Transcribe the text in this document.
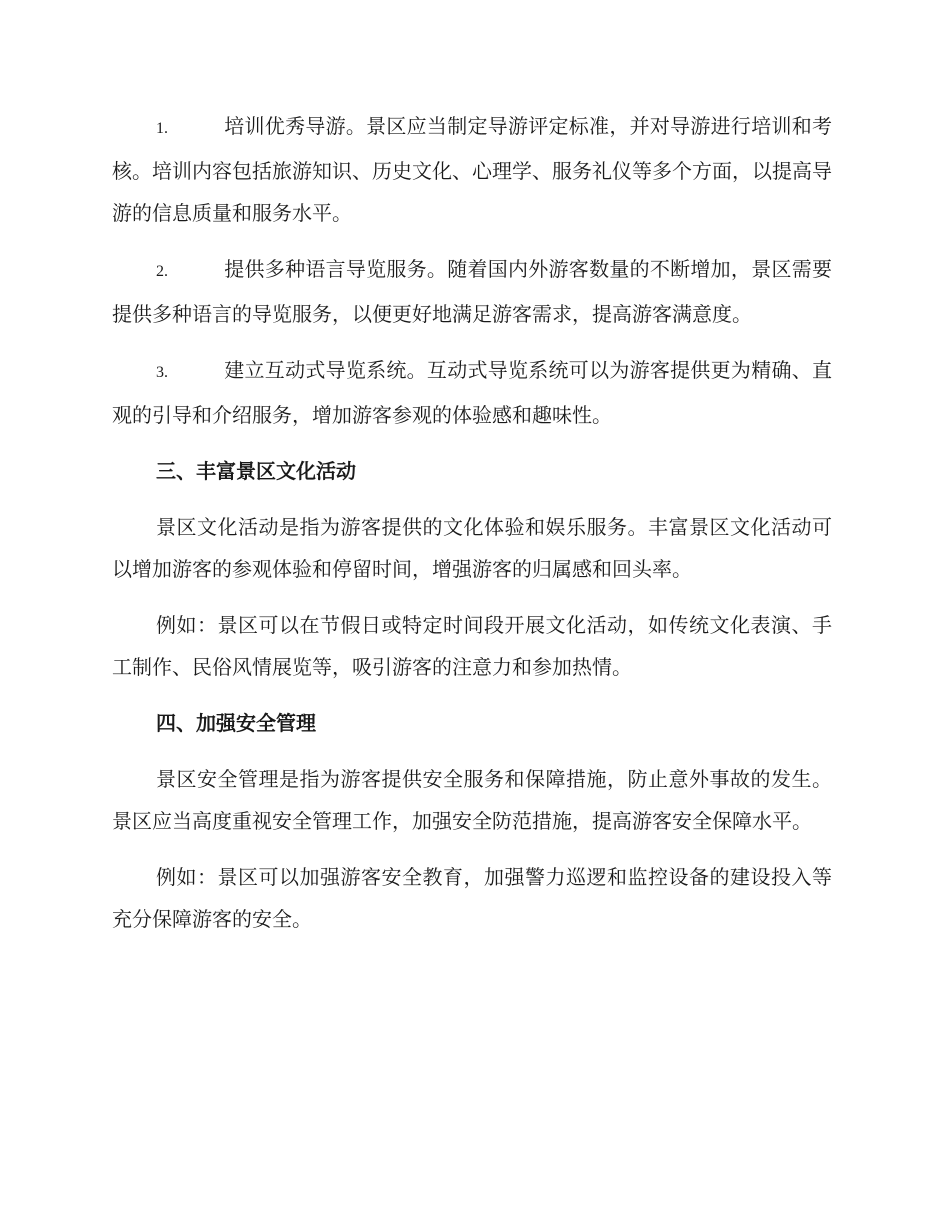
1.	培训优秀导游。景区应当制定导游评定标准，并对导游进行培训和考核。培训内容包括旅游知识、历史文化、心理学、服务礼仪等多个方面，以提高导游的信息质量和服务水平。

2.	提供多种语言导览服务。随着国内外游客数量的不断增加，景区需要提供多种语言的导览服务，以便更好地满足游客需求，提高游客满意度。

3.	建立互动式导览系统。互动式导览系统可以为游客提供更为精确、直观的引导和介绍服务，增加游客参观的体验感和趣味性。

三、丰富景区文化活动

景区文化活动是指为游客提供的文化体验和娱乐服务。丰富景区文化活动可以增加游客的参观体验和停留时间，增强游客的归属感和回头率。

例如：景区可以在节假日或特定时间段开展文化活动，如传统文化表演、手工制作、民俗风情展览等，吸引游客的注意力和参加热情。

四、加强安全管理

景区安全管理是指为游客提供安全服务和保障措施，防止意外事故的发生。景区应当高度重视安全管理工作，加强安全防范措施，提高游客安全保障水平。

例如：景区可以加强游客安全教育，加强警力巡逻和监控设备的建设投入等充分保障游客的安全。
